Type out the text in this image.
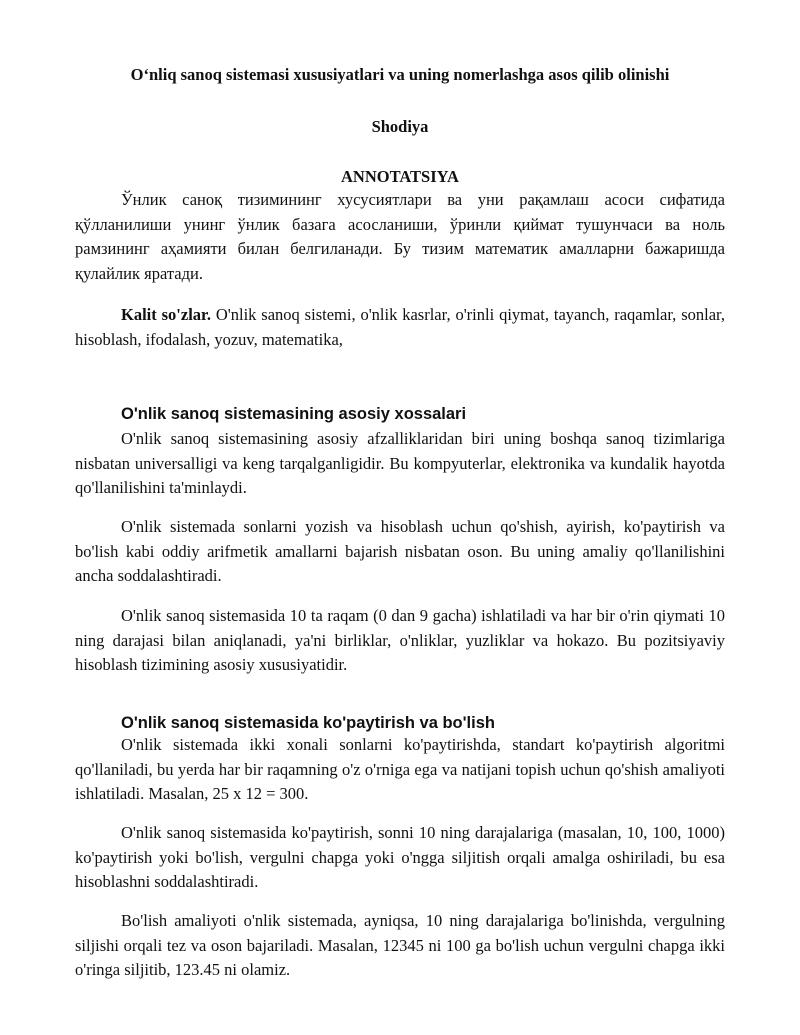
O‘nliq sanoq sistemasi xususiyatlari va uning nomerlashga asos qilib olinishi
Shodiya
ANNOTATSIYA

Ўнлик саноқ тизимининг хусусиятлари ва уни рақамлаш асоси сифатида қўлланилиши унинг ўнлик базага асосланиши, ўринли қиймат тушунчаси ва ноль рамзининг аҳамияти билан белгиланади. Бу тизим математик амалларни бажаришда қулайлик яратади.

Kalit so'zlar. O'nlik sanoq sistemi, o'nlik kasrlar, o'rinli qiymat, tayanch, raqamlar, sonlar, hisoblash, ifodalash, yozuv, matematika,

O'nlik sanoq sistemasining asosiy xossalari

O'nlik sanoq sistemasining asosiy afzalliklaridan biri uning boshqa sanoq tizimlariga nisbatan universalligi va keng tarqalganligidir. Bu kompyuterlar, elektronika va kundalik hayotda qo'llanilishini ta'minlaydi.

O'nlik sistemada sonlarni yozish va hisoblash uchun qo'shish, ayirish, ko'paytirish va bo'lish kabi oddiy arifmetik amallarni bajarish nisbatan oson. Bu uning amaliy qo'llanilishini ancha soddalashtiradi.

O'nlik sanoq sistemasida 10 ta raqam (0 dan 9 gacha) ishlatiladi va har bir o'rin qiymati 10 ning darajasi bilan aniqlanadi, ya'ni birliklar, o'nliklar, yuzliklar va hokazo. Bu pozitsiyaviy hisoblash tizimining asosiy xususiyatidir.

O'nlik sanoq sistemasida ko'paytirish va bo'lish

O'nlik sistemada ikki xonali sonlarni ko'paytirishda, standart ko'paytirish algoritmi qo'llaniladi, bu yerda har bir raqamning o'z o'rniga ega va natijani topish uchun qo'shish amaliyoti ishlatiladi. Masalan, 25 x 12 = 300.

O'nlik sanoq sistemasida ko'paytirish, sonni 10 ning darajalariga (masalan, 10, 100, 1000) ko'paytirish yoki bo'lish, vergulni chapga yoki o'ngga siljitish orqali amalga oshiriladi, bu esa hisoblashni soddalashtiradi.

Bo'lish amaliyoti o'nlik sistemada, ayniqsa, 10 ning darajalariga bo'linishda, vergulning siljishi orqali tez va oson bajariladi. Masalan, 12345 ni 100 ga bo'lish uchun vergulni chapga ikki o'ringa siljitib, 123.45 ni olamiz.
